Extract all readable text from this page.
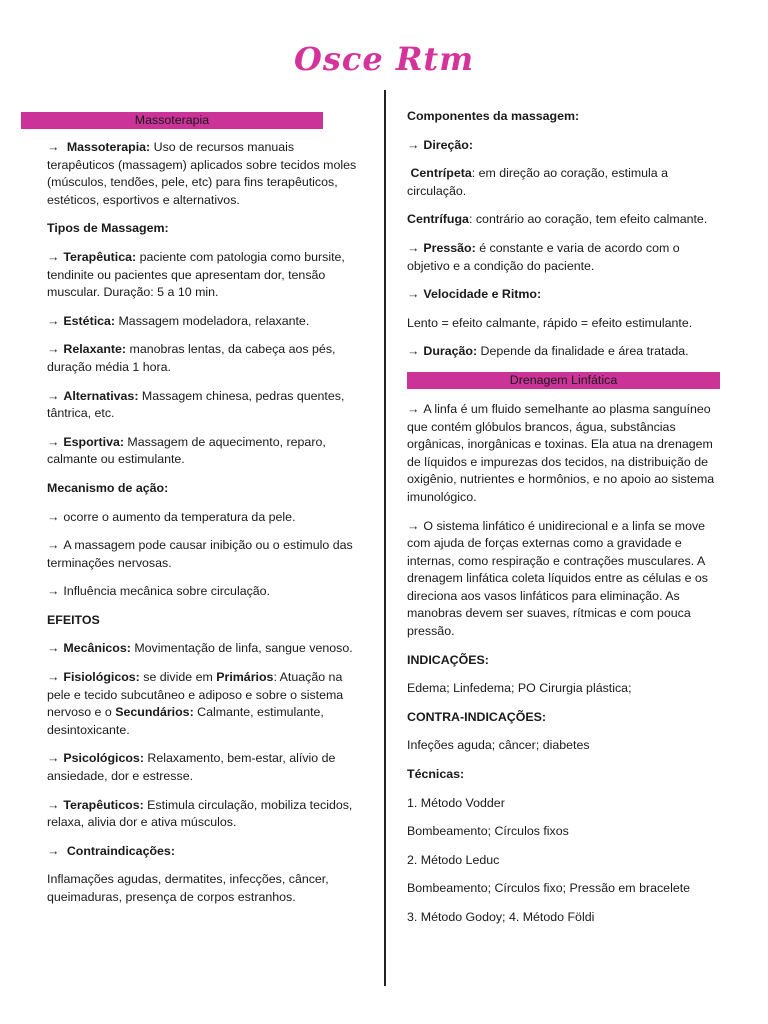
Osce Rtm
Massoterapia

→ Massoterapia: Uso de recursos manuais terapêuticos (massagem) aplicados sobre tecidos moles (músculos, tendões, pele, etc) para fins terapêuticos, estéticos, esportivos e alternativos.

Tipos de Massagem:

→ Terapêutica: paciente com patologia como bursite, tendinite ou pacientes que apresentam dor, tensão muscular. Duração: 5 a 10 min.

→ Estética: Massagem modeladora, relaxante.

→ Relaxante: manobras lentas, da cabeça aos pés, duração média 1 hora.

→ Alternativas: Massagem chinesa, pedras quentes, tântrica, etc.

→ Esportiva: Massagem de aquecimento, reparo, calmante ou estimulante.

Mecanismo de ação:

→ ocorre o aumento da temperatura da pele.

→ A massagem pode causar inibição ou o estimulo das terminações nervosas.

→ Influência mecânica sobre circulação.

EFEITOS

→ Mecânicos: Movimentação de linfa, sangue venoso.

→ Fisiológicos: se divide em Primários: Atuação na pele e tecido subcutâneo e adiposo e sobre o sistema nervoso e o Secundários: Calmante, estimulante, desintoxicante.

→ Psicológicos: Relaxamento, bem-estar, alívio de ansiedade, dor e estresse.

→ Terapêuticos: Estimula circulação, mobiliza tecidos, relaxa, alivia dor e ativa músculos.

→ Contraindicações:

Inflamações agudas, dermatites, infecções, câncer, queimaduras, presença de corpos estranhos.

Componentes da massagem:

→ Direção:

Centrípeta: em direção ao coração, estimula a circulação.

Centrífuga: contrário ao coração, tem efeito calmante.

→ Pressão: é constante e varia de acordo com o objetivo e a condição do paciente.

→ Velocidade e Ritmo:

Lento = efeito calmante, rápido = efeito estimulante.

→ Duração: Depende da finalidade e área tratada.

Drenagem Linfática

→ A linfa é um fluido semelhante ao plasma sanguíneo que contém glóbulos brancos, água, substâncias orgânicas, inorgânicas e toxinas. Ela atua na drenagem de líquidos e impurezas dos tecidos, na distribuição de oxigênio, nutrientes e hormônios, e no apoio ao sistema imunológico.

→ O sistema linfático é unidirecional e a linfa se move com ajuda de forças externas como a gravidade e internas, como respiração e contrações musculares. A drenagem linfática coleta líquidos entre as células e os direciona aos vasos linfáticos para eliminação. As manobras devem ser suaves, rítmicas e com pouca pressão.

INDICAÇÕES:

Edema; Linfedema; PO Cirurgia plástica;

CONTRA-INDICAÇÕES:

Infeções aguda; câncer; diabetes

Técnicas:

1. Método Vodder

Bombeamento; Círculos fixos

2. Método Leduc

Bombeamento; Círculos fixo; Pressão em bracelete

3. Método Godoy; 4. Método Földi
